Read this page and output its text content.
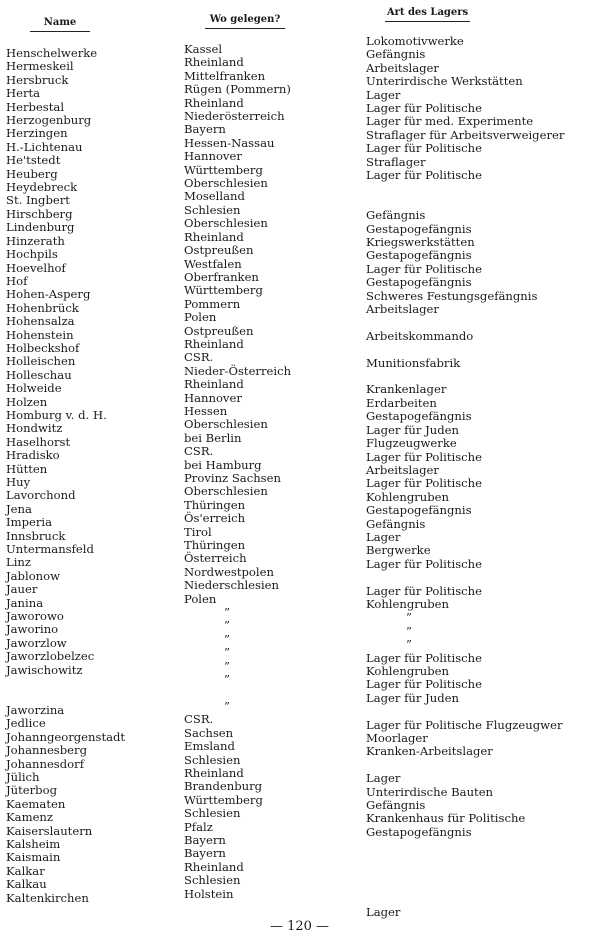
Name	Wo gelegen?
Art des Lagers
Henschelwerke
Hermeskeil
Hersbruck
Herta
Herbestal
Herzogenburg
Herzingen
H.-Lichtenau
He'tstedt
Heuberg
Heydebreck
St. Ingbert
Hirschberg
Lindenburg
Hinzerath
Hochpils
Hoevelhof
Hof
Hohen-Asperg
Hohenbrück
Hohensalza
Hohenstein
Holbeckshof
Holleischen
Holleschau
Holweide
Holzen
Homburg v. d. H.
Hondwitz
Haselhorst
Hradisko
Hütten
Huy
Lavorchond
Jena
Imperia
Innsbruck
Untermansfeld
Linz
Jablonow
Jauer
Janina
Jaworowo
Jaworino
Jaworzlow
Jaworzlobelzec
Jawischowitz
Jaworzina
Jedlice
Johanngeorgenstadt
Johannesberg
Johannesdorf
Jülich
Jüterbog
Kaematen
Kamenz
Kaiserslautern
Kalsheim
Kaismain
Kalkar
Kalkau
Kaltenkirchen
Kassel
Rheinland
Mittelfranken
Rügen (Pommern)
Rheinland
Niederösterreich
Bayern
Hessen-Nassau
Hannover
Württemberg
Oberschlesien
Moselland
Schlesien
Oberschlesien
Rheinland
Ostpreußen
Westfalen
Oberfranken
Württemberg
Pommern
Polen
Ostpreußen
Rheinland
CSR.
Nieder-Österreich
Rheinland
Hannover
Hessen
Oberschlesien
bei Berlin
CSR.
bei Hamburg
Provinz Sachsen
Oberschlesien
Thüringen
Ös'erreich
Tirol
Thüringen
Österreich
Nordwestpolen
Niederschlesien
Polen
”
”
”
”
”
”
”
CSR.
Sachsen
Emsland
Schlesien
Rheinland
Brandenburg
Württemberg
Schlesien
Pfalz
Bayern
Bayern
Rheinland
Schlesien
Holstein
Lokomotivwerke
Gefängnis
Arbeitslager
Unterirdische Werkstätten
Lager
Lager für Politische
Lager für med. Experimente
Straflager für Arbeitsverweigerer
Lager für Politische
Straflager
Lager für Politische
Gefängnis
Gestapogefängnis
Kriegswerkstätten
Gestapogefängnis
Lager für Politische
Gestapogefängnis
Schweres Festungsgefängnis
Arbeitslager
Arbeitskommando
Munitionsfabrik
Krankenlager
Erdarbeiten
Gestapogefängnis
Lager für Juden
Flugzeugwerke
Lager für Politische
Arbeitslager
Lager für Politische
Kohlengruben
Gestapogefängnis
Gefängnis
Lager
Bergwerke
Lager für Politische
Lager für Politische
Kohlengruben
”
”
”
Lager für Politische
Kohlengruben
Lager für Politische
Lager für Juden
Lager für Politische Flugzeugwer
Moorlager
Kranken-Arbeitslager
Lager
Unterirdische Bauten
Gefängnis
Krankenhaus für Politische
Gestapogefängnis
Lager
— 120 —
